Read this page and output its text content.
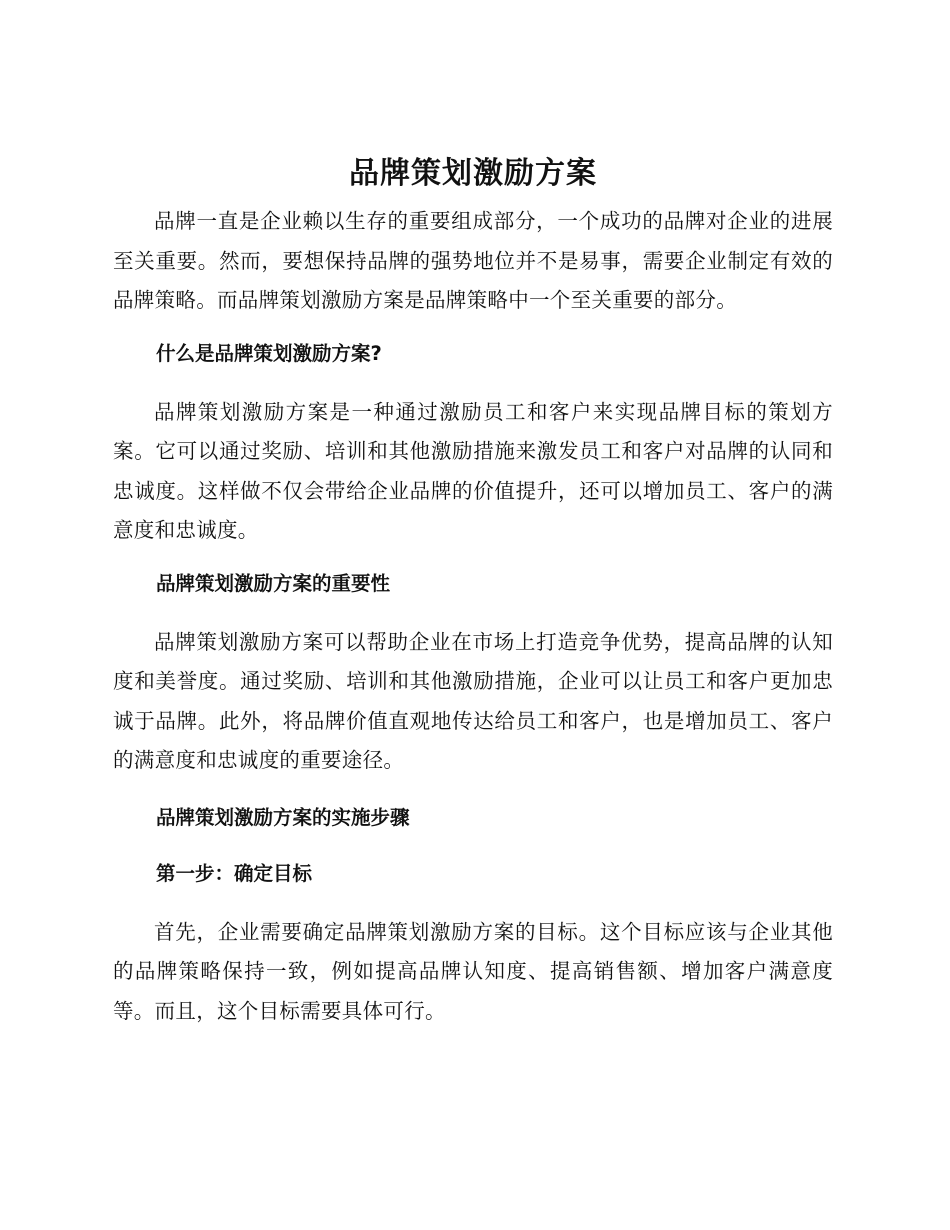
品牌策划激励方案

品牌一直是企业赖以生存的重要组成部分，一个成功的品牌对企业的进展至关重要。然而，要想保持品牌的强势地位并不是易事，需要企业制定有效的品牌策略。而品牌策划激励方案是品牌策略中一个至关重要的部分。

什么是品牌策划激励方案?

品牌策划激励方案是一种通过激励员工和客户来实现品牌目标的策划方案。它可以通过奖励、培训和其他激励措施来激发员工和客户对品牌的认同和忠诚度。这样做不仅会带给企业品牌的价值提升，还可以增加员工、客户的满意度和忠诚度。

品牌策划激励方案的重要性

品牌策划激励方案可以帮助企业在市场上打造竞争优势，提高品牌的认知度和美誉度。通过奖励、培训和其他激励措施，企业可以让员工和客户更加忠诚于品牌。此外，将品牌价值直观地传达给员工和客户，也是增加员工、客户的满意度和忠诚度的重要途径。

品牌策划激励方案的实施步骤
第一步：确定目标

首先，企业需要确定品牌策划激励方案的目标。这个目标应该与企业其他的品牌策略保持一致，例如提高品牌认知度、提高销售额、增加客户满意度等。而且，这个目标需要具体可行。
